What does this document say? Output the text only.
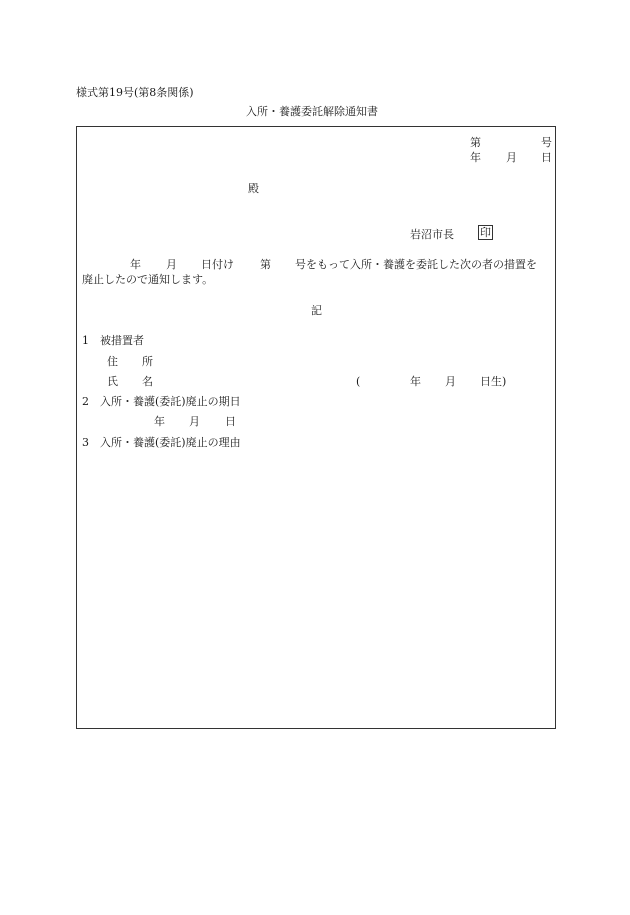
様式第19号(第8条関係)
入所・養護委託解除通知書
第	号
年 月 日
殿
岩沼市長 印
年 月 日付け 第 号をもって入所・養護を委託した次の者の措置を
廃止したので通知します。
記
1 被措置者
住 所
氏 名	(	年 月 日生)
2 入所・養護(委託)廃止の期日
年 月 日
3 入所・養護(委託)廃止の理由
